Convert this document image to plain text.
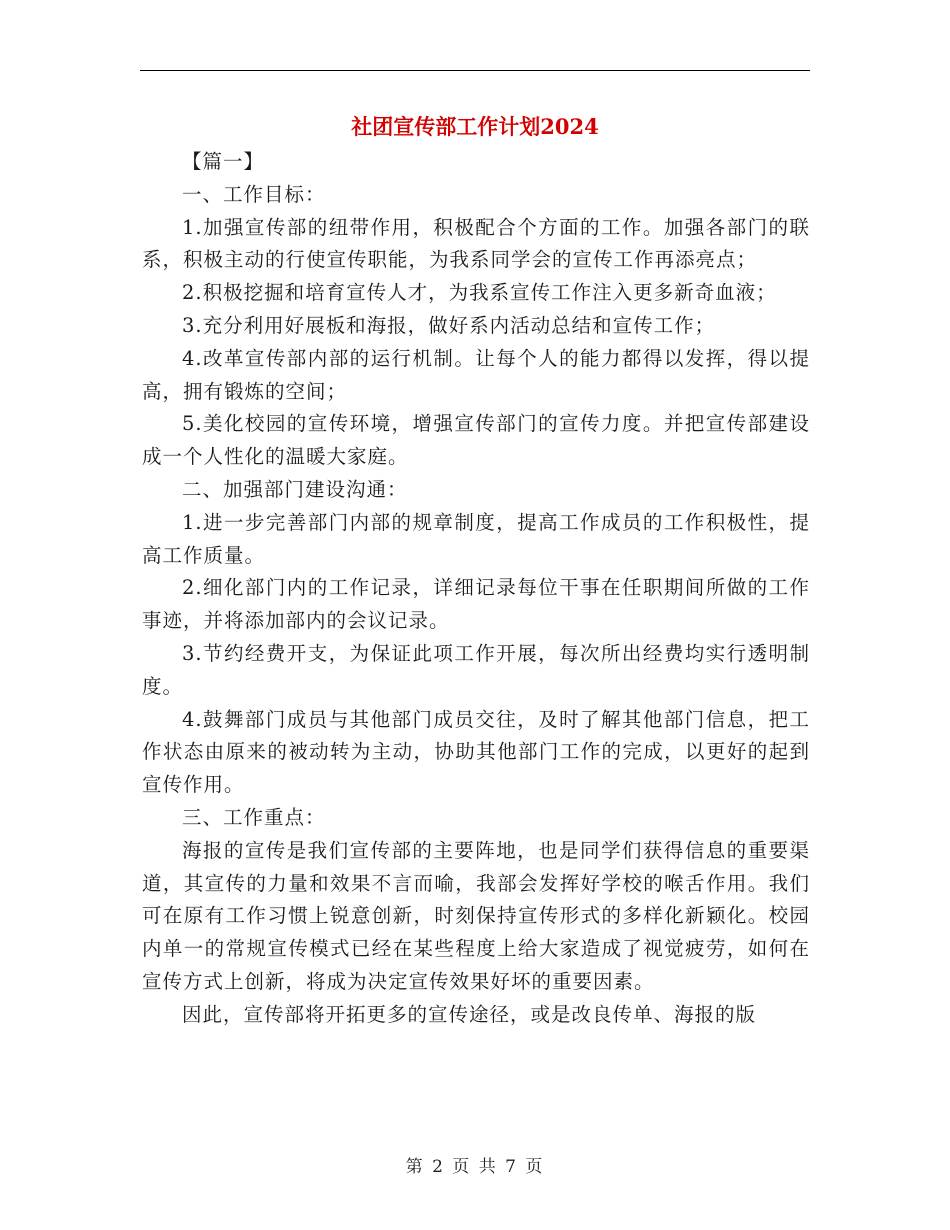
社团宣传部工作计划2024

【篇一】

一、工作目标：

1.加强宣传部的纽带作用，积极配合个方面的工作。加强各部门的联系，积极主动的行使宣传职能，为我系同学会的宣传工作再添亮点；

2.积极挖掘和培育宣传人才，为我系宣传工作注入更多新奇血液；

3.充分利用好展板和海报，做好系内活动总结和宣传工作；

4.改革宣传部内部的运行机制。让每个人的能力都得以发挥，得以提高，拥有锻炼的空间；

5.美化校园的宣传环境，增强宣传部门的宣传力度。并把宣传部建设成一个人性化的温暖大家庭。

二、加强部门建设沟通：

1.进一步完善部门内部的规章制度，提高工作成员的工作积极性，提高工作质量。

2.细化部门内的工作记录，详细记录每位干事在任职期间所做的工作事迹，并将添加部内的会议记录。

3.节约经费开支，为保证此项工作开展，每次所出经费均实行透明制度。

4.鼓舞部门成员与其他部门成员交往，及时了解其他部门信息，把工作状态由原来的被动转为主动，协助其他部门工作的完成，以更好的起到宣传作用。

三、工作重点：

海报的宣传是我们宣传部的主要阵地，也是同学们获得信息的重要渠道，其宣传的力量和效果不言而喻，我部会发挥好学校的喉舌作用。我们可在原有工作习惯上锐意创新，时刻保持宣传形式的多样化新颖化。校园内单一的常规宣传模式已经在某些程度上给大家造成了视觉疲劳，如何在宣传方式上创新，将成为决定宣传效果好坏的重要因素。

因此，宣传部将开拓更多的宣传途径，或是改良传单、海报的版

第 2 页 共 7 页
